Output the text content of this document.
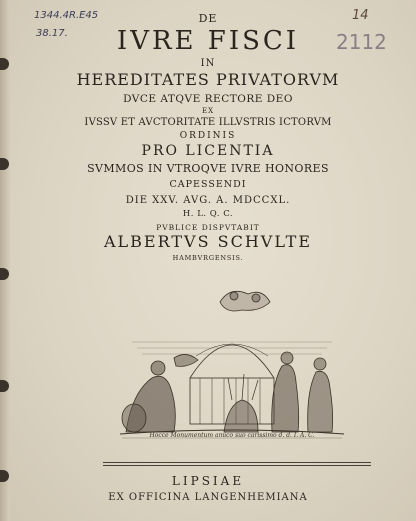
1344.4R.E45
38.17.
14
2112
DE
IVRE FISCI
IN
HEREDITATES PRIVATORVM
DVCE ATQVE RECTORE DEO
EX
IVSSV ET AVCTORITATE ILLVSTRIS ICTORVM
ORDINIS
PRO LICENTIA
SVMMOS IN VTROQVE IVRE HONORES
CAPESSENDI
DIE XXV. AVG. A. MDCCXL.
H. L. Q. C.
PVBLICE DISPVTABIT
ALBERTVS SCHVLTE
HAMBVRGENSIS.
Hocce Monumentum amico suo carissimo d. d. I. A. C.
LIPSIAE
EX OFFICINA LANGENHEMIANA
